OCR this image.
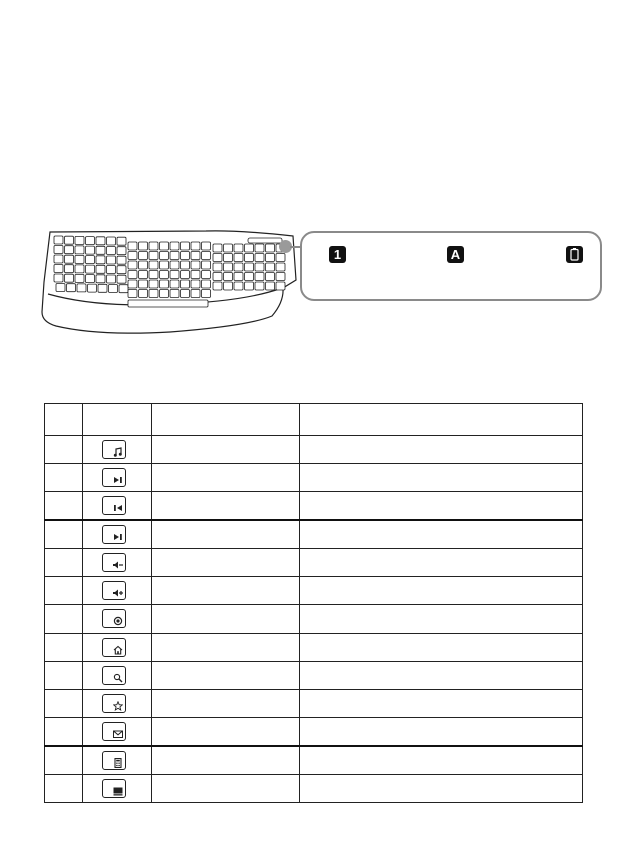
1	A
